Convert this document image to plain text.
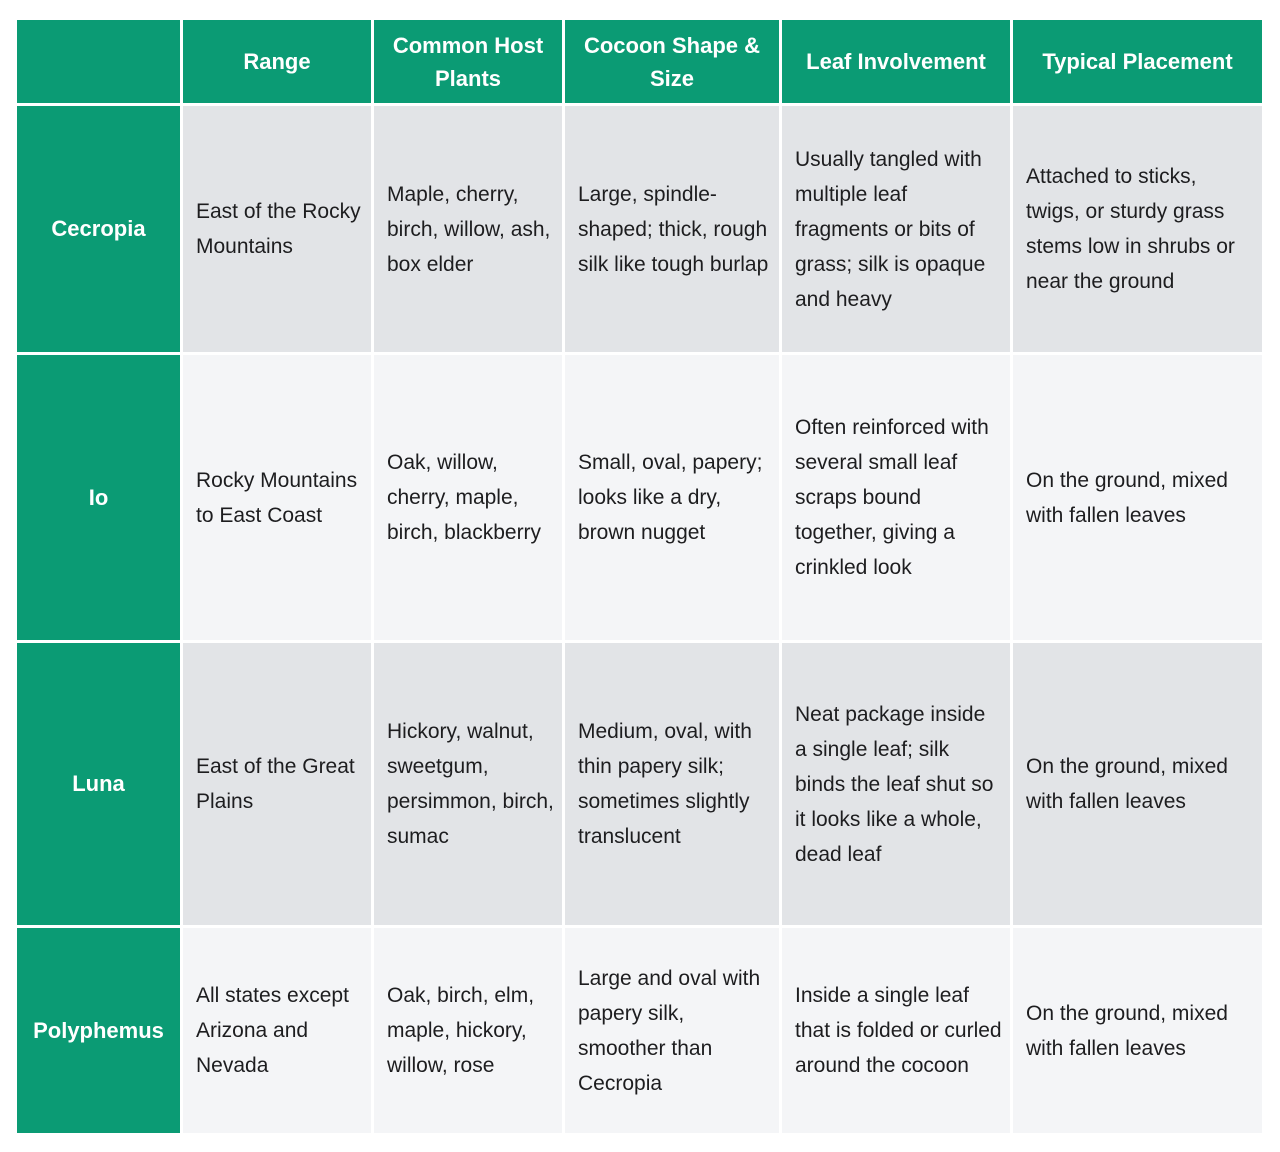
	Range	Common Host Plants	Cocoon Shape & Size	Leaf Involvement	Typical Placement
Cecropia	East of the Rocky Mountains	Maple, cherry, birch, willow, ash, box elder	Large, spindle-shaped; thick, rough silk like tough burlap	Usually tangled with multiple leaf fragments or bits of grass; silk is opaque and heavy	Attached to sticks, twigs, or sturdy grass stems low in shrubs or near the ground
Io	Rocky Mountains to East Coast	Oak, willow, cherry, maple, birch, blackberry	Small, oval, papery; looks like a dry, brown nugget	Often reinforced with several small leaf scraps bound together, giving a crinkled look	On the ground, mixed with fallen leaves
Luna	East of the Great Plains	Hickory, walnut, sweetgum, persimmon, birch, sumac	Medium, oval, with thin papery silk; sometimes slightly translucent	Neat package inside a single leaf; silk binds the leaf shut so it looks like a whole, dead leaf	On the ground, mixed with fallen leaves
Polyphemus	All states except Arizona and Nevada	Oak, birch, elm, maple, hickory, willow, rose	Large and oval with papery silk, smoother than Cecropia	Inside a single leaf that is folded or curled around the cocoon	On the ground, mixed with fallen leaves
